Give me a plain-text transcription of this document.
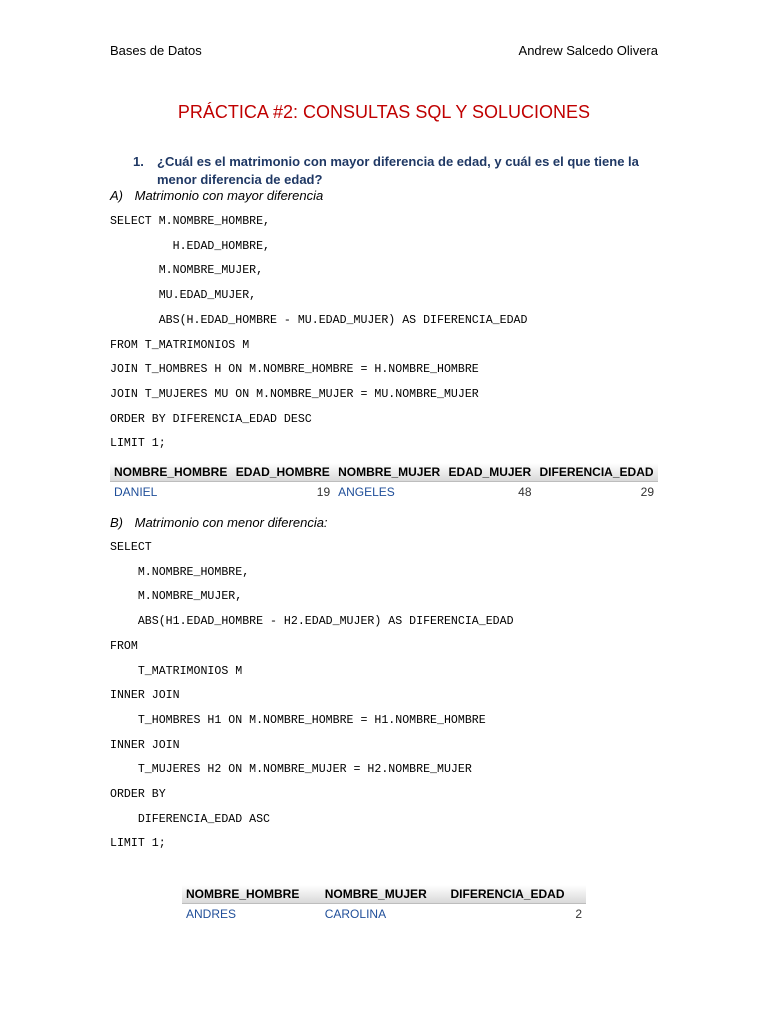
Bases de Datos	Andrew Salcedo Olivera
PRÁCTICA #2: CONSULTAS SQL Y SOLUCIONES
1.	¿Cuál es el matrimonio con mayor diferencia de edad, y cuál es el que tiene la menor diferencia de edad?
A) Matrimonio con mayor diferencia
SELECT M.NOMBRE_HOMBRE,
H.EDAD_HOMBRE,
M.NOMBRE_MUJER,
MU.EDAD_MUJER,
ABS(H.EDAD_HOMBRE - MU.EDAD_MUJER) AS DIFERENCIA_EDAD
FROM T_MATRIMONIOS M
JOIN T_HOMBRES H ON M.NOMBRE_HOMBRE = H.NOMBRE_HOMBRE
JOIN T_MUJERES MU ON M.NOMBRE_MUJER = MU.NOMBRE_MUJER
ORDER BY DIFERENCIA_EDAD DESC
LIMIT 1;
NOMBRE_HOMBRE	EDAD_HOMBRE	NOMBRE_MUJER	EDAD_MUJER	DIFERENCIA_EDAD
DANIEL	19	ANGELES	48	29
B) Matrimonio con menor diferencia:
SELECT
M.NOMBRE_HOMBRE,
M.NOMBRE_MUJER,
ABS(H1.EDAD_HOMBRE - H2.EDAD_MUJER) AS DIFERENCIA_EDAD
FROM
T_MATRIMONIOS M
INNER JOIN
T_HOMBRES H1 ON M.NOMBRE_HOMBRE = H1.NOMBRE_HOMBRE
INNER JOIN
T_MUJERES H2 ON M.NOMBRE_MUJER = H2.NOMBRE_MUJER
ORDER BY
DIFERENCIA_EDAD ASC
LIMIT 1;
NOMBRE_HOMBRE	NOMBRE_MUJER	DIFERENCIA_EDAD
ANDRES	CAROLINA	2
